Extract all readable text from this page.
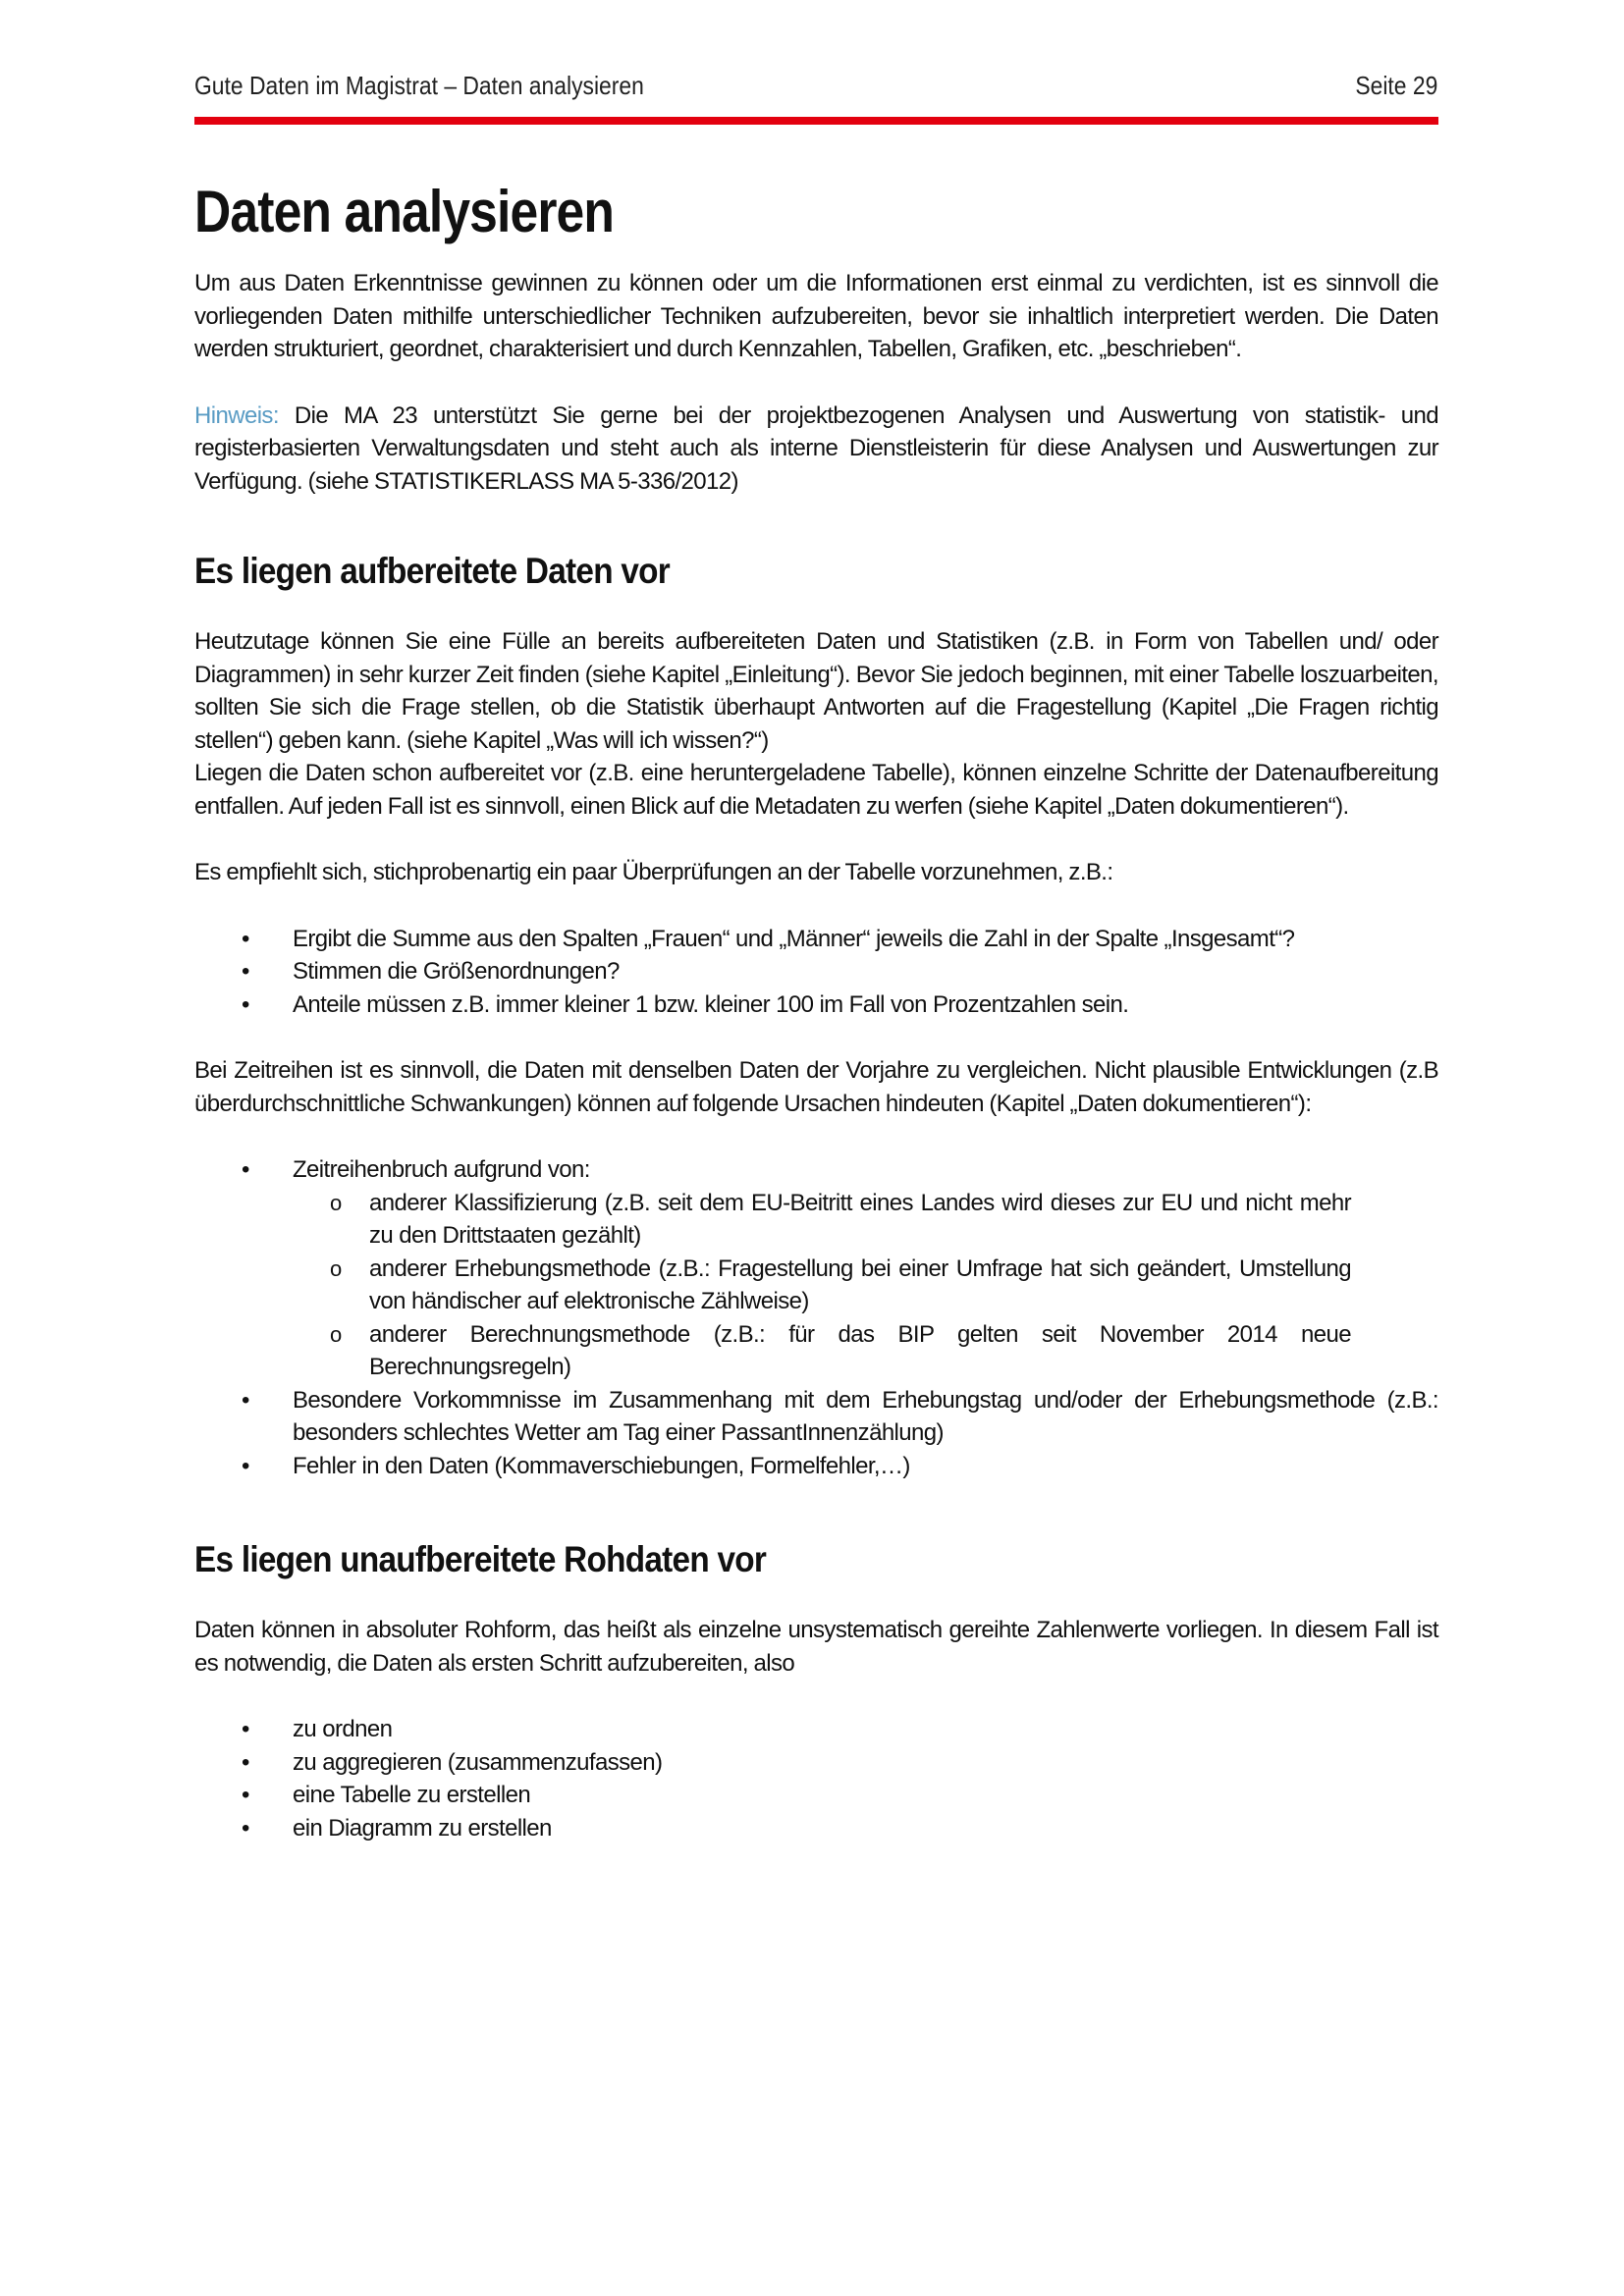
Gute Daten im Magistrat – Daten analysieren	Seite 29
Daten analysieren

Um aus Daten Erkenntnisse gewinnen zu können oder um die Informationen erst einmal zu verdichten, ist es sinnvoll die vorliegenden Daten mithilfe unterschiedlicher Techniken aufzubereiten, bevor sie inhaltlich interpretiert werden. Die Daten werden strukturiert, geordnet, charakterisiert und durch Kennzahlen, Tabellen, Grafiken, etc. „beschrieben“.

Hinweis: Die MA 23 unterstützt Sie gerne bei der projektbezogenen Analysen und Auswertung von statistik- und registerbasierten Verwaltungsdaten und steht auch als interne Dienstleisterin für diese Analysen und Auswertungen zur Verfügung. (siehe STATISTIKERLASS MA 5-336/2012)

Es liegen aufbereitete Daten vor

Heutzutage können Sie eine Fülle an bereits aufbereiteten Daten und Statistiken (z.B. in Form von Tabellen und/ oder Diagrammen) in sehr kurzer Zeit finden (siehe Kapitel „Einleitung“). Bevor Sie jedoch beginnen, mit einer Tabelle loszuarbeiten, sollten Sie sich die Frage stellen, ob die Statistik überhaupt Antworten auf die Fragestellung (Kapitel „Die Fragen richtig stellen“) geben kann. (siehe Kapitel „Was will ich wissen?“)

Liegen die Daten schon aufbereitet vor (z.B. eine heruntergeladene Tabelle), können einzelne Schritte der Datenaufbereitung entfallen. Auf jeden Fall ist es sinnvoll, einen Blick auf die Metadaten zu werfen (siehe Kapitel „Daten dokumentieren“).

Es empfiehlt sich, stichprobenartig ein paar Überprüfungen an der Tabelle vorzunehmen, z.B.:

• Ergibt die Summe aus den Spalten „Frauen“ und „Männer“ jeweils die Zahl in der Spalte „Insgesamt“?
• Stimmen die Größenordnungen?
• Anteile müssen z.B. immer kleiner 1 bzw. kleiner 100 im Fall von Prozentzahlen sein.

Bei Zeitreihen ist es sinnvoll, die Daten mit denselben Daten der Vorjahre zu vergleichen. Nicht plausible Entwicklungen (z.B überdurchschnittliche Schwankungen) können auf folgende Ursachen hindeuten (Kapitel „Daten dokumentieren“):

• Zeitreihenbruch aufgrund von:
o anderer Klassifizierung (z.B. seit dem EU-Beitritt eines Landes wird dieses zur EU und nicht mehr zu den Drittstaaten gezählt)
o anderer Erhebungsmethode (z.B.: Fragestellung bei einer Umfrage hat sich geändert, Umstellung von händischer auf elektronische Zählweise)
o anderer Berechnungsmethode (z.B.: für das BIP gelten seit November 2014 neue Berechnungsregeln)
• Besondere Vorkommnisse im Zusammenhang mit dem Erhebungstag und/oder der Erhebungsmethode (z.B.: besonders schlechtes Wetter am Tag einer PassantInnenzählung)
• Fehler in den Daten (Kommaverschiebungen, Formelfehler,…)
Es liegen unaufbereitete Rohdaten vor

Daten können in absoluter Rohform, das heißt als einzelne unsystematisch gereihte Zahlenwerte vorliegen. In diesem Fall ist es notwendig, die Daten als ersten Schritt aufzubereiten, also

• zu ordnen
• zu aggregieren (zusammenzufassen)
• eine Tabelle zu erstellen
• ein Diagramm zu erstellen
